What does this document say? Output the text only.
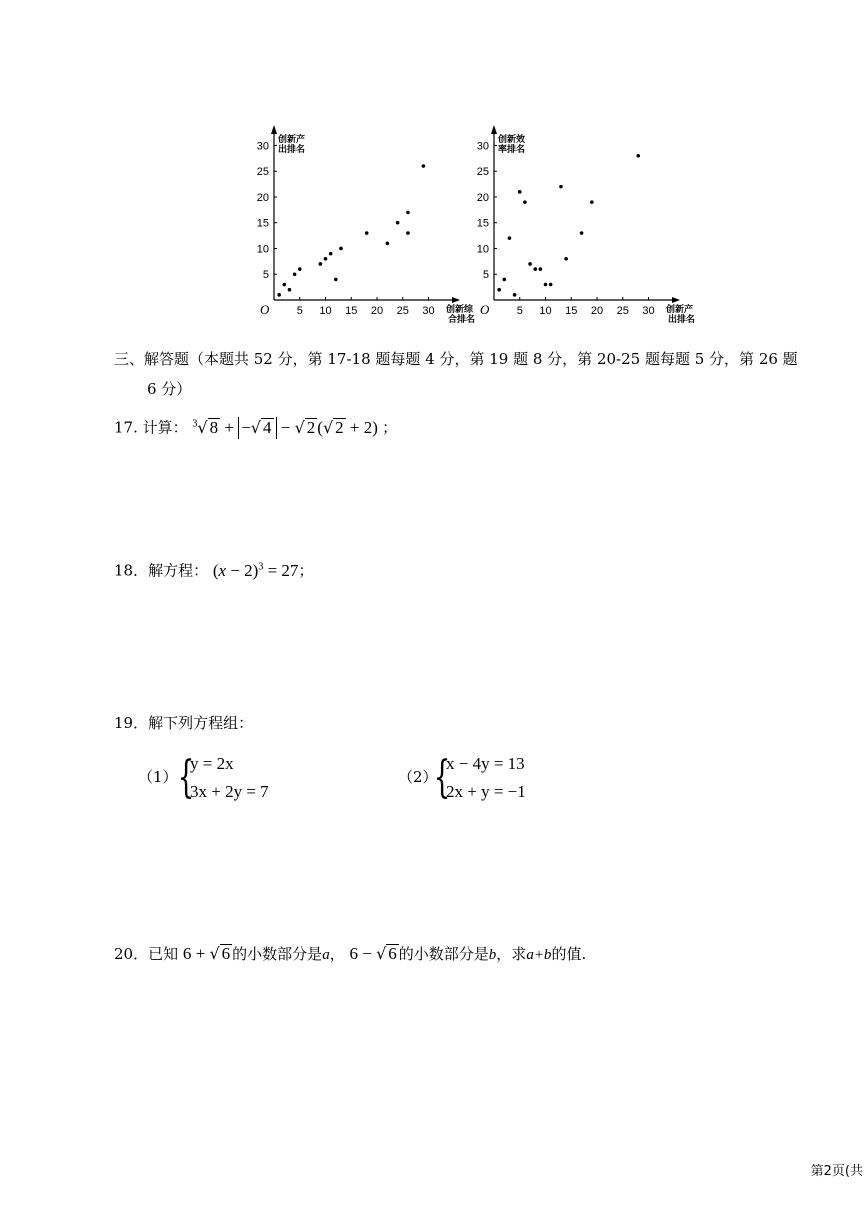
创新产
出排名
创新综
合排名
O 5 10 15 20 25 30
5
10
15
20
25
30
创新效
率排名
创新产
出排名
O 5 10 15 20 25 30
5
10
15
20
25
30
三、解答题（本题共 52 分，第 17-18 题每题 4 分，第 19 题 8 分，第 20-25 题每题 5 分，第 26 题
6 分）
17. 计算： $^3$√ 8 + −√ 4 − √ 2 (√ 2 + 2) ；
18．解方程： $(x - 2)^3 = 27$；
19．解下列方程组：
（1） {
y = 2x
3x + 2y = 7
（2）
{
x − 4y = 13
2x + y = −1
20．已知 6 + √ 6 的小数部分是a， 6 − √ 6 的小数部分是b，求a+b的值.
第2页(共
